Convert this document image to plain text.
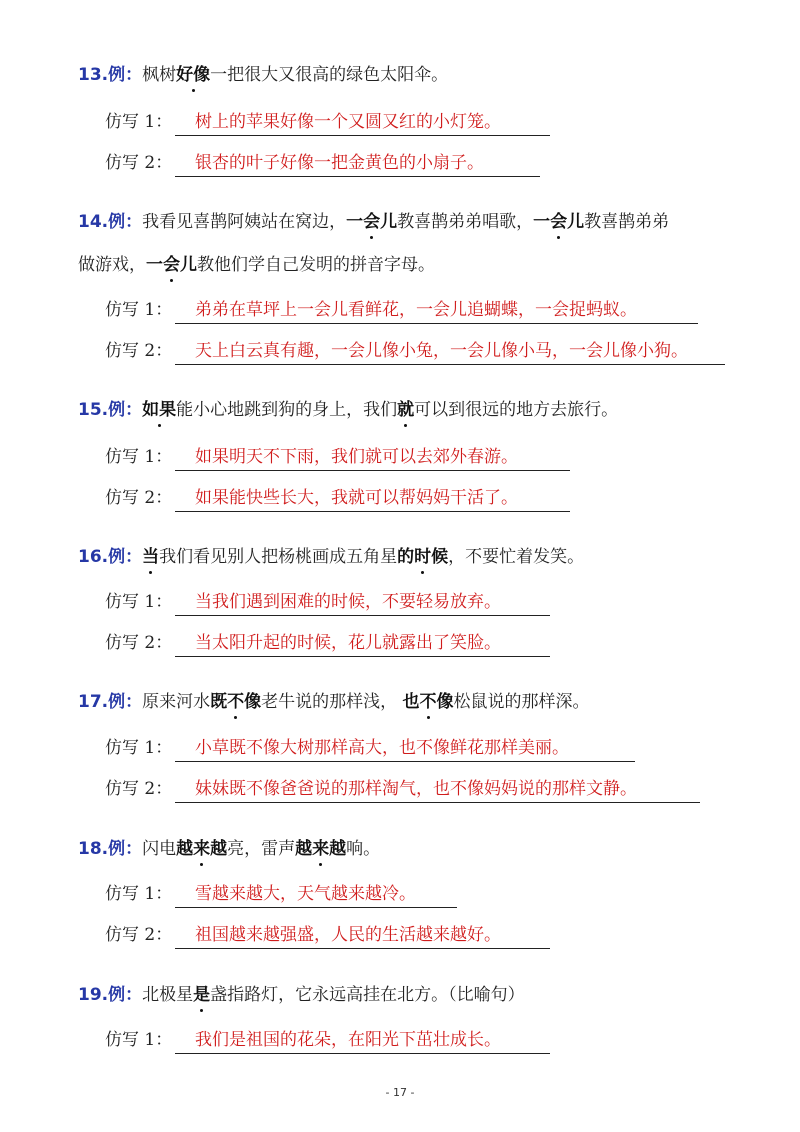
13.例：枫树好像一把很大又很高的绿色太阳伞。
仿写 1：	树上的苹果好像一个又圆又红的小灯笼。
仿写 2：	银杏的叶子好像一把金黄色的小扇子。
14.例：我看见喜鹊阿姨站在窝边，一会儿教喜鹊弟弟唱歌，一会儿教喜鹊弟弟
做游戏，一会儿教他们学自己发明的拼音字母。
仿写 1：	弟弟在草坪上一会儿看鲜花，一会儿追蝴蝶，一会捉蚂蚁。
仿写 2：	天上白云真有趣，一会儿像小兔，一会儿像小马，一会儿像小狗。
15.例：如果能小心地跳到狗的身上，我们就可以到很远的地方去旅行。
仿写 1：	如果明天不下雨，我们就可以去郊外春游。
仿写 2：	如果能快些长大，我就可以帮妈妈干活了。
16.例：当我们看见别人把杨桃画成五角星的时候，不要忙着发笑。
仿写 1：	当我们遇到困难的时候，不要轻易放弃。
仿写 2：	当太阳升起的时候，花儿就露出了笑脸。
17.例：原来河水既不像老牛说的那样浅， 也不像松鼠说的那样深。
仿写 1：	小草既不像大树那样高大，也不像鲜花那样美丽。
仿写 2：	妹妹既不像爸爸说的那样淘气，也不像妈妈说的那样文静。
18.例：闪电越来越亮，雷声越来越响。
仿写 1：	雪越来越大，天气越来越冷。
仿写 2：	祖国越来越强盛，人民的生活越来越好。
19.例：北极星是盏指路灯，它永远高挂在北方。（比喻句）
仿写 1：	我们是祖国的花朵，在阳光下茁壮成长。
- 17 -
